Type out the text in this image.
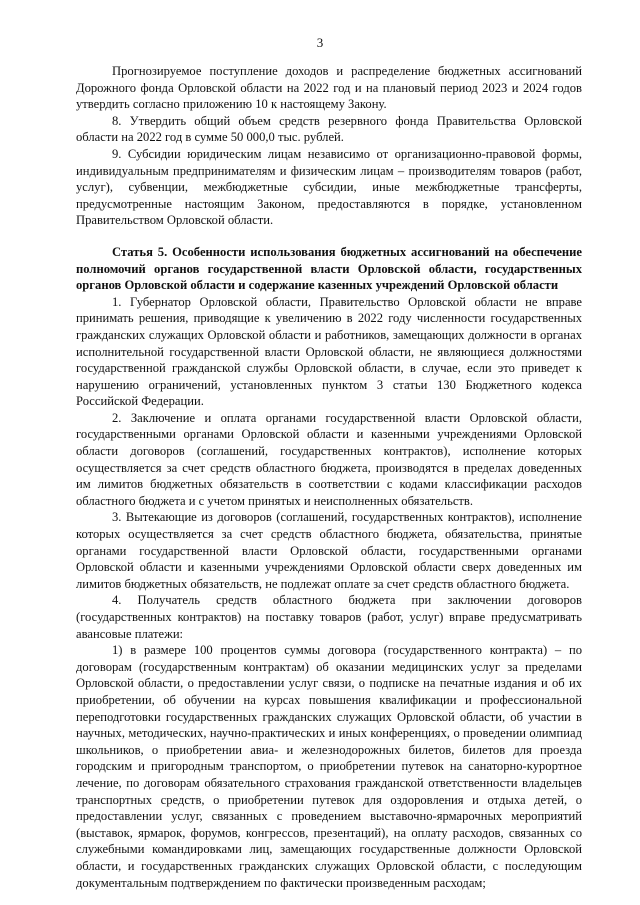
3

Прогнозируемое поступление доходов и распределение бюджетных ассигнований Дорожного фонда Орловской области на 2022 год и на плановый период 2023 и 2024 годов утвердить согласно приложению 10 к настоящему Закону.

8. Утвердить общий объем средств резервного фонда Правительства Орловской области на 2022 год в сумме 50 000,0 тыс. рублей.

9. Субсидии юридическим лицам независимо от организационно-правовой формы, индивидуальным предпринимателям и физическим лицам – производителям товаров (работ, услуг), субвенции, межбюджетные субсидии, иные межбюджетные трансферты, предусмотренные настоящим Законом, предоставляются в порядке, установленном Правительством Орловской области.

Статья 5. Особенности использования бюджетных ассигнований на обеспечение полномочий органов государственной власти Орловской области, государственных органов Орловской области и содержание казенных учреждений Орловской области

1. Губернатор Орловской области, Правительство Орловской области не вправе принимать решения, приводящие к увеличению в 2022 году численности государственных гражданских служащих Орловской области и работников, замещающих должности в органах исполнительной государственной власти Орловской области, не являющиеся должностями государственной гражданской службы Орловской области, в случае, если это приведет к нарушению ограничений, установленных пунктом 3 статьи 130 Бюджетного кодекса Российской Федерации.

2. Заключение и оплата органами государственной власти Орловской области, государственными органами Орловской области и казенными учреждениями Орловской области договоров (соглашений, государственных контрактов), исполнение которых осуществляется за счет средств областного бюджета, производятся в пределах доведенных им лимитов бюджетных обязательств в соответствии с кодами классификации расходов областного бюджета и с учетом принятых и неисполненных обязательств.

3. Вытекающие из договоров (соглашений, государственных контрактов), исполнение которых осуществляется за счет средств областного бюджета, обязательства, принятые органами государственной власти Орловской области, государственными органами Орловской области и казенными учреждениями Орловской области сверх доведенных им лимитов бюджетных обязательств, не подлежат оплате за счет средств областного бюджета.

4. Получатель средств областного бюджета при заключении договоров (государственных контрактов) на поставку товаров (работ, услуг) вправе предусматривать авансовые платежи:

1) в размере 100 процентов суммы договора (государственного контракта) – по договорам (государственным контрактам) об оказании медицинских услуг за пределами Орловской области, о предоставлении услуг связи, о подписке на печатные издания и об их приобретении, об обучении на курсах повышения квалификации и профессиональной переподготовки государственных гражданских служащих Орловской области, об участии в научных, методических, научно-практических и иных конференциях, о проведении олимпиад школьников, о приобретении авиа- и железнодорожных билетов, билетов для проезда городским и пригородным транспортом, о приобретении путевок на санаторно-курортное лечение, по договорам обязательного страхования гражданской ответственности владельцев транспортных средств, о приобретении путевок для оздоровления и отдыха детей, о предоставлении услуг, связанных с проведением выставочно-ярмарочных мероприятий (выставок, ярмарок, форумов, конгрессов, презентаций), на оплату расходов, связанных со служебными командировками лиц, замещающих государственные должности Орловской области, и государственных гражданских служащих Орловской области, с последующим документальным подтверждением по фактически произведенным расходам;
